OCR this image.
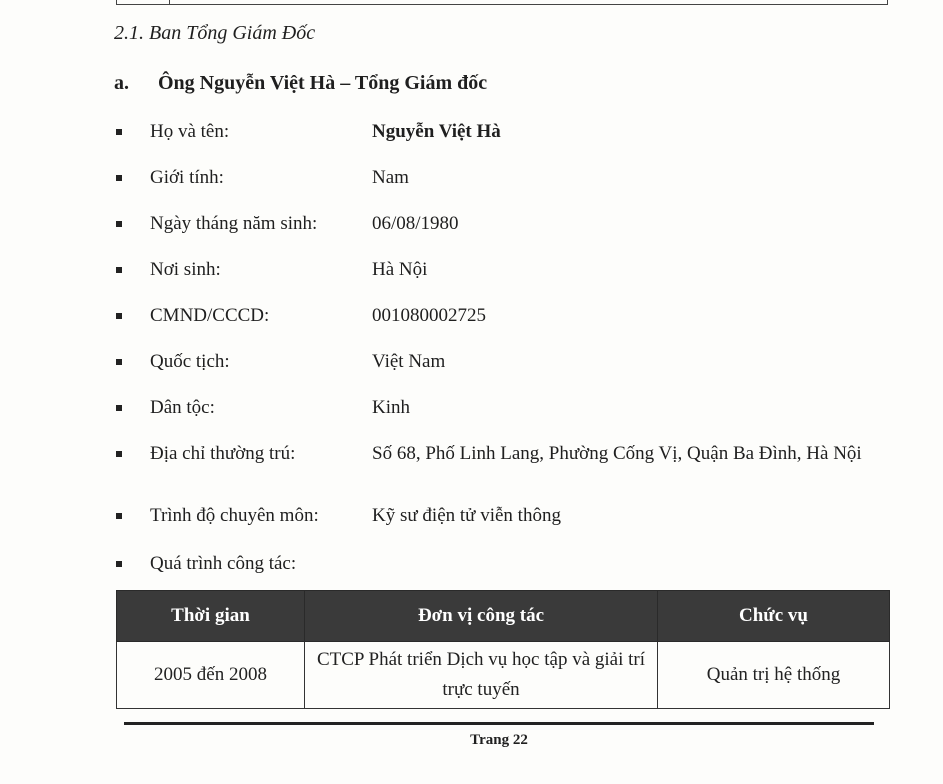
2.1. Ban Tổng Giám Đốc
a. Ông Nguyễn Việt Hà – Tổng Giám đốc
Họ và tên:	Nguyễn Việt Hà
Giới tính:	Nam
Ngày tháng năm sinh:	06/08/1980
Nơi sinh:	Hà Nội
CMND/CCCD:	001080002725
Quốc tịch:	Việt Nam
Dân tộc:	Kinh
Địa chỉ thường trú:	Số 68, Phố Linh Lang, Phường Cống Vị, Quận Ba Đình, Hà Nội
Trình độ chuyên môn:	Kỹ sư điện tử viễn thông
Quá trình công tác:
Thời gian	Đơn vị công tác	Chức vụ
2005 đến 2008	CTCP Phát triển Dịch vụ học tập và giải trí trực tuyến	Quản trị hệ thống
Trang 22
